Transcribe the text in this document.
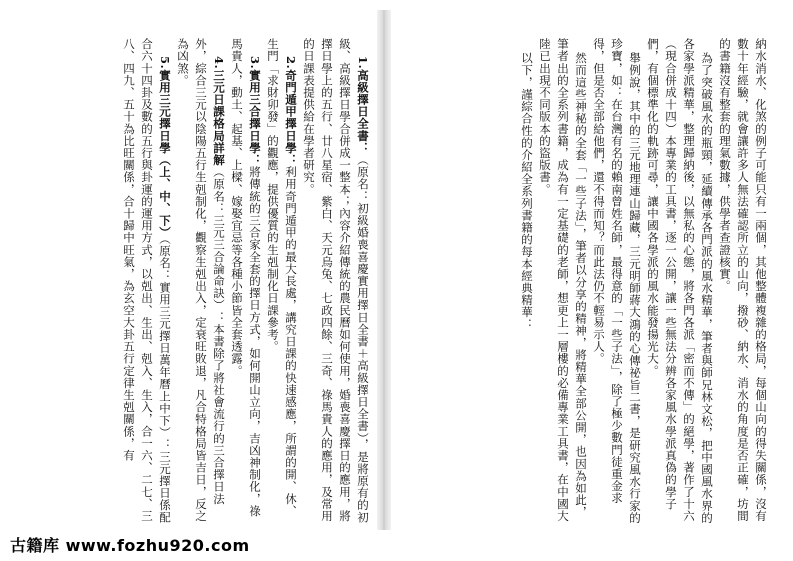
納水消水、化煞的例子可能只有一兩個，其他整體複雜的格局，每個山向的得失關係，沒有數十年經驗，就會讓許多人無法確認所立的山向，撥砂、納水、消水的角度是否正確，坊間的書籍沒有整套的理氣數據，供學者查證核實。
為了突破風水的瓶頸，延續傳承各門派的風水精華，筆者與師兄林文松，把中國風水界的各家學派精華，整理歸納後，以無私的心態，將各門各派「密而不傳」的絕學，著作了十六（現合併成十四）本專業的工具書，逐一公開，讓一些無法分辨各家風水學派真偽的學子們，有個標準化的軌跡可尋，讓中國各學派的風水能發揚光大。
舉例說，其中的三元地理連山歸藏，三元明師蔣大鴻的心傳祕旨二書，是研究風水行家的珍寶，如：在台灣有名的賴南曾姓名師，最得意的「一些子法」，除了極少數門徒重金求得，但是否全部給他們，還不得而知？而此法仍不輕易示人。
然而這些神秘的全套「一些子法」，筆者以分享的精神，將精華全部公開，也因為如此，筆者出的全系列書籍，成為有一定基礎的老師，想更上一層樓的必備專業工具書，在中國大陸已出現不同版本的盜版書。
以下，謹綜合性的介紹全系列書籍的每本經典精華：
1.高級擇日全書：（原名：初級婚喪喜慶實用擇日全書＋高級擇日全書），是將原有的初級、高級擇日學合併成一整本；內容介紹傳統的農民曆如何使用，婚喪喜慶擇日的應用，將擇日學上的五行、廿八星宿、紫白、天元烏兔、七政四餘、三奇、祿馬貴人的應用，及常用的日課表提供給在學者研究。
2.奇門遁甲擇日學：利用奇門遁甲的最大長處，講究日課的快速感應，所謂的開、休、生門「求財卯發」的觀應，提供優質的生剋制化日課參考。
3.實用三合擇日學：將傳統的三合家全套的擇日方式，如何開山立向，吉凶神制化，祿馬貴人，動土、起基、上樑、嫁娶宜忌等各種小節皆全套透露。
4.三元日課格局詳解（原名：三元三合論命訣）：本書除了將社會流行的三合擇日法外，綜合三元以陰陽五行生剋制化，觀察生剋出入，定衰旺敗退，凡合特格局皆吉日，反之為凶煞。
5.實用三元擇日學（上、中、下）（原名：實用三元擇日萬年曆上中下）：三元擇日係配合六十四卦及數的五行與卦運的運用方式，以剋出、生出、剋入、生入，合一六、二七、三八、四九、五十為比旺關係，合十歸中旺氣，為玄空大卦五行定律生剋關係，有
古籍库 www.fozhu920.com
